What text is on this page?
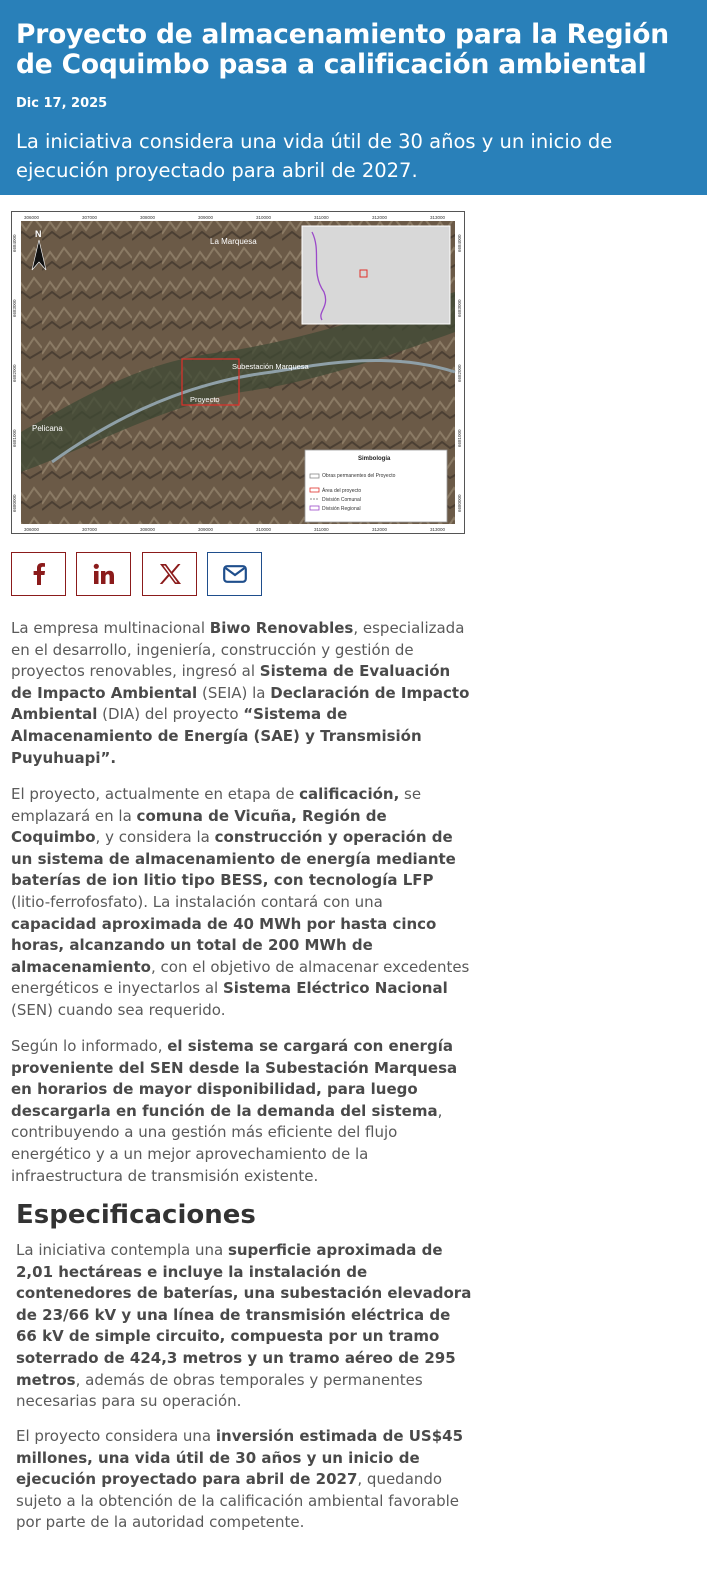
Proyecto de almacenamiento para la Región de Coquimbo pasa a calificación ambiental
Dic 17, 2025
La iniciativa considera una vida útil de 30 años y un inicio de ejecución proyectado para abril de 2027.
Simbología
Obras permanentes del Proyecto
Área del proyecto
División Comunal
División Regional
La Marquesa
Subestación Marquesa
Proyecto
Pelicana
N
306000
306000
307000
307000
308000
308000
309000
309000
310000
310000
311000
311000
312000
312000
313000
313000
6684000	6684000
6683000	6683000
6682000	6682000
6681000	6681000
6680000	6680000

La empresa multinacional Biwo Renovables, especializada en el desarrollo, ingeniería, construcción y gestión de proyectos renovables, ingresó al Sistema de Evaluación de Impacto Ambiental (SEIA) la Declaración de Impacto Ambiental (DIA) del proyecto “Sistema de Almacenamiento de Energía (SAE) y Transmisión Puyuhuapi”.

El proyecto, actualmente en etapa de calificación, se emplazará en la comuna de Vicuña, Región de Coquimbo, y considera la construcción y operación de un sistema de almacenamiento de energía mediante baterías de ion litio tipo BESS, con tecnología LFP (litio-ferrofosfato). La instalación contará con una capacidad aproximada de 40 MWh por hasta cinco horas, alcanzando un total de 200 MWh de almacenamiento, con el objetivo de almacenar excedentes energéticos e inyectarlos al Sistema Eléctrico Nacional (SEN) cuando sea requerido.

Según lo informado, el sistema se cargará con energía proveniente del SEN desde la Subestación Marquesa en horarios de mayor disponibilidad, para luego descargarla en función de la demanda del sistema, contribuyendo a una gestión más eficiente del flujo energético y a un mejor aprovechamiento de la infraestructura de transmisión existente.

Especificaciones

La iniciativa contempla una superficie aproximada de 2,01 hectáreas e incluye la instalación de contenedores de baterías, una subestación elevadora de 23/66 kV y una línea de transmisión eléctrica de 66 kV de simple circuito, compuesta por un tramo soterrado de 424,3 metros y un tramo aéreo de 295 metros, además de obras temporales y permanentes necesarias para su operación.

El proyecto considera una inversión estimada de US$45 millones, una vida útil de 30 años y un inicio de ejecución proyectado para abril de 2027, quedando sujeto a la obtención de la calificación ambiental favorable por parte de la autoridad competente.
